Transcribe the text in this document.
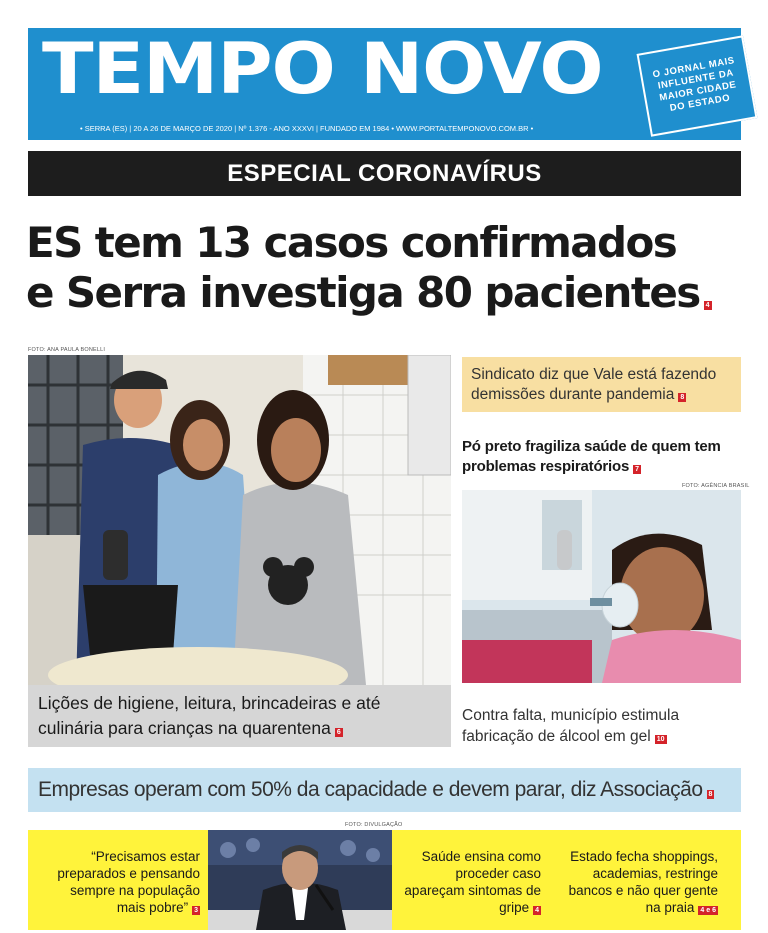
TEMPO NOVO	O JORNAL MAIS INFLUENTE DA MAIOR CIDADE DO ESTADO
• SERRA (ES) | 20 A 26 DE MARÇO DE 2020 | Nº 1.376 - ANO XXXVI | FUNDADO EM 1984 • WWW.PORTALTEMPONOVO.COM.BR •
ESPECIAL CORONAVÍRUS
ES tem 13 casos confirmados
e Serra investiga 80 pacientes 4
FOTO: ANA PAULA BONELLI
Lições de higiene, leitura, brincadeiras e até culinária para crianças na quarentena 6
Sindicato diz que Vale está fazendo demissões durante pandemia 8
Pó preto fragiliza saúde de quem tem problemas respiratórios 7
FOTO: AGÊNCIA BRASIL
Contra falta, município estimula fabricação de álcool em gel 10
Empresas operam com 50% da capacidade e devem parar, diz Associação 8
“Precisamos estar preparados e pensando sempre na população mais pobre” 3
FOTO: DIVULGAÇÃO
Saúde ensina como proceder caso apareçam sintomas de gripe 4
Estado fecha shoppings, academias, restringe bancos e não quer gente na praia 4 e 6
